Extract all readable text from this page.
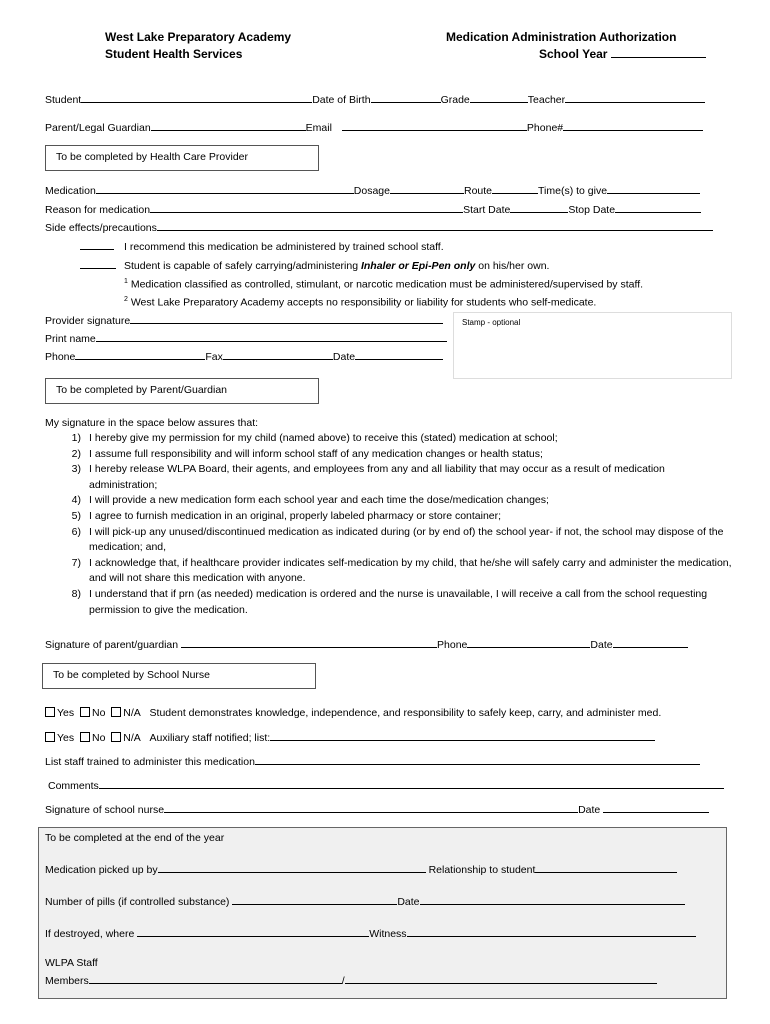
West Lake Preparatory Academy
Student Health Services
Medication Administration Authorization
School Year
Student	Date of Birth	Grade	Teacher
Parent/Legal Guardian	Email	Phone#
To be completed by Health Care Provider
Medication	Dosage	Route	Time(s) to give
Reason for medication	Start Date	Stop Date
Side effects/precautions
I recommend this medication be administered by trained school staff.
Student is capable of safely carrying/administering Inhaler or Epi-Pen only on his/her own.
$^1$ Medication classified as controlled, stimulant, or narcotic medication must be administered/supervised by staff.
$^2$ West Lake Preparatory Academy accepts no responsibility or liability for students who self-medicate.
Provider signature
Print name
Phone	Fax	Date
Stamp - optional
To be completed by Parent/Guardian
My signature in the space below assures that:
1) I hereby give my permission for my child (named above) to receive this (stated) medication at school;
2) I assume full responsibility and will inform school staff of any medication changes or health status;
3) I hereby release WLPA Board, their agents, and employees from any and all liability that may occur as a result of medication administration;
4) I will provide a new medication form each school year and each time the dose/medication changes;
5) I agree to furnish medication in an original, properly labeled pharmacy or store container;
6) I will pick-up any unused/discontinued medication as indicated during (or by end of) the school year- if not, the school may dispose of the medication; and,
7) I acknowledge that, if healthcare provider indicates self-medication by my child, that he/she will safely carry and administer the medication, and will not share this medication with anyone.
8) I understand that if prn (as needed) medication is ordered and the nurse is unavailable, I will receive a call from the school requesting permission to give the medication.
Signature of parent/guardian	Phone	Date
To be completed by School Nurse
Yes No N/A Student demonstrates knowledge, independence, and responsibility to safely keep, carry, and administer med.
Yes No N/A Auxiliary staff notified; list:
List staff trained to administer this medication
Comments
Signature of school nurse	Date
To be completed at the end of the year
Medication picked up by	Relationship to student
Number of pills (if controlled substance)	Date
If destroyed, where	Witness
WLPA Staff
Members	/
